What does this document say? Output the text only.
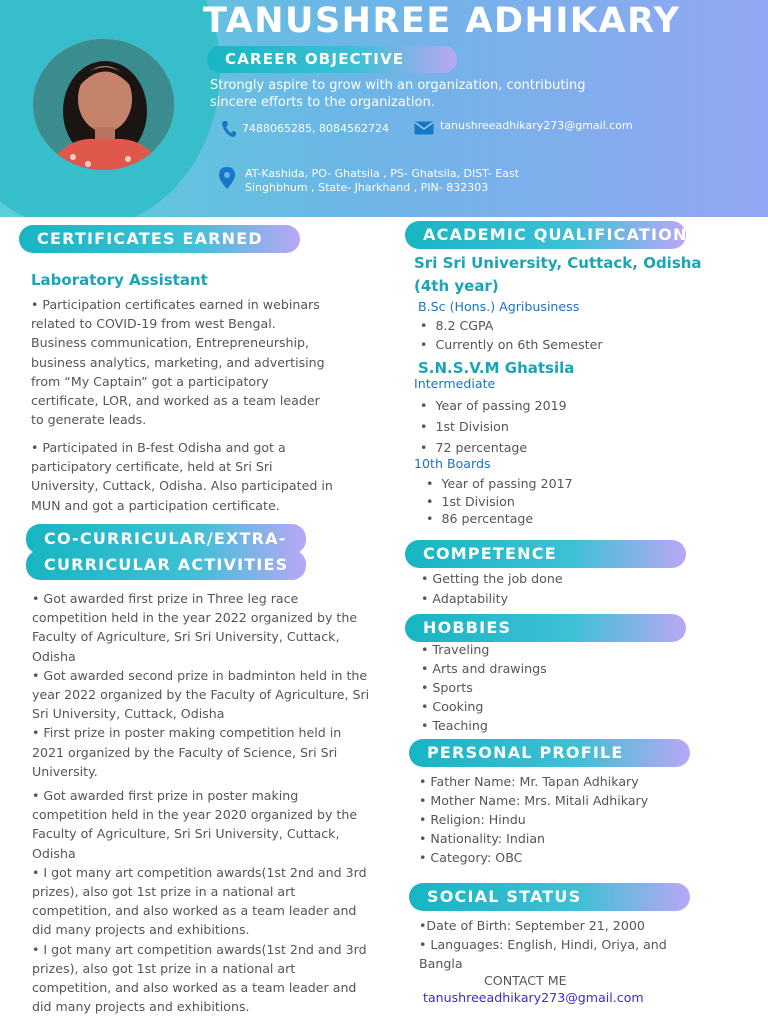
TANUSHREE ADHIKARY
CAREER OBJECTIVE
Strongly aspire to grow with an organization, contributing sincere efforts to the organization.
7488065285, 8084562724	tanushreeadhikary273@gmail.com
AT-Kashida, PO- Ghatsila , PS- Ghatsila, DIST- East Singhbhum , State- Jharkhand , PIN- 832303
CERTIFICATES EARNED
Laboratory Assistant
• Participation certificates earned in webinars related to COVID-19 from west Bengal. Business communication, Entrepreneurship, business analytics, marketing, and advertising from “My Captain” got a participatory certificate, LOR, and worked as a team leader to generate leads.
• Participated in B-fest Odisha and got a participatory certificate, held at Sri Sri University, Cuttack, Odisha. Also participated in MUN and got a participation certificate.
CO-CURRICULAR/EXTRA-
CURRICULAR ACTIVITIES
• Got awarded first prize in Three leg race competition held in the year 2022 organized by the Faculty of Agriculture, Sri Sri University, Cuttack, Odisha
• Got awarded second prize in badminton held in the year 2022 organized by the Faculty of Agriculture, Sri Sri University, Cuttack, Odisha
• First prize in poster making competition held in 2021 organized by the Faculty of Science, Sri Sri University.
• Got awarded first prize in poster making competition held in the year 2020 organized by the Faculty of Agriculture, Sri Sri University, Cuttack, Odisha
• I got many art competition awards(1st 2nd and 3rd prizes), also got 1st prize in a national art competition, and also worked as a team leader and did many projects and exhibitions.
• I got many art competition awards(1st 2nd and 3rd prizes), also got 1st prize in a national art competition, and also worked as a team leader and did many projects and exhibitions.
ACADEMIC QUALIFICATION
Sri Sri University, Cuttack, Odisha
(4th year)
B.Sc (Hons.) Agribusiness
•  8.2 CGPA
•  Currently on 6th Semester
S.N.S.V.M Ghatsila
Intermediate
•  Year of passing 2019
•  1st Division
•  72 percentage
10th Boards
•  Year of passing 2017
•  1st Division
•  86 percentage
COMPETENCE
• Getting the job done
• Adaptability
HOBBIES
• Traveling
• Arts and drawings
• Sports
• Cooking
• Teaching
PERSONAL PROFILE
• Father Name: Mr. Tapan Adhikary
• Mother Name: Mrs. Mitali Adhikary
• Religion: Hindu
• Nationality: Indian
• Category: OBC
SOCIAL STATUS
•Date of Birth: September 21, 2000
• Languages: English, Hindi, Oriya, and Bangla
CONTACT ME
tanushreeadhikary273@gmail.com
